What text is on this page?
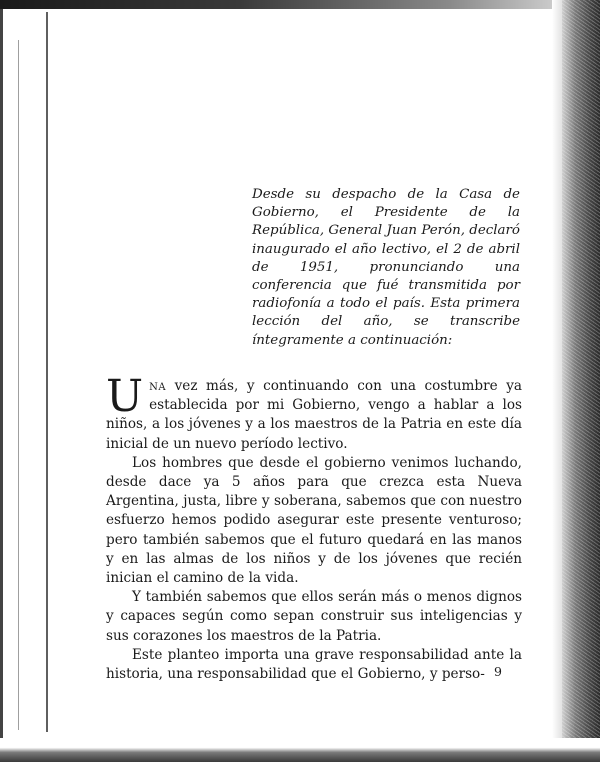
Desde su despacho de la Casa de Gobierno, el Presidente de la República, General Juan Perón, declaró inaugurado el año lectivo, el 2 de abril de 1951, pronunciando una conferencia que fué transmitida por radiofonía a todo el país. Esta primera lección del año, se transcribe íntegramente a continuación:

Una vez más, y continuando con una costumbre ya establecida por mi Gobierno, vengo a hablar a los niños, a los jóvenes y a los maestros de la Patria en este día inicial de un nuevo período lectivo.

Los hombres que desde el gobierno venimos luchando, desde dace ya 5 años para que crezca esta Nueva Argentina, justa, libre y soberana, sabemos que con nuestro esfuerzo hemos podido asegurar este presente venturoso; pero también sabemos que el futuro quedará en las manos y en las almas de los niños y de los jóvenes que recién inician el camino de la vida.

Y también sabemos que ellos serán más o menos dignos y capaces según como sepan construir sus inteligencias y sus corazones los maestros de la Patria.

Este planteo importa una grave responsabilidad ante la historia, una responsabilidad que el Gobierno, y perso- 9
